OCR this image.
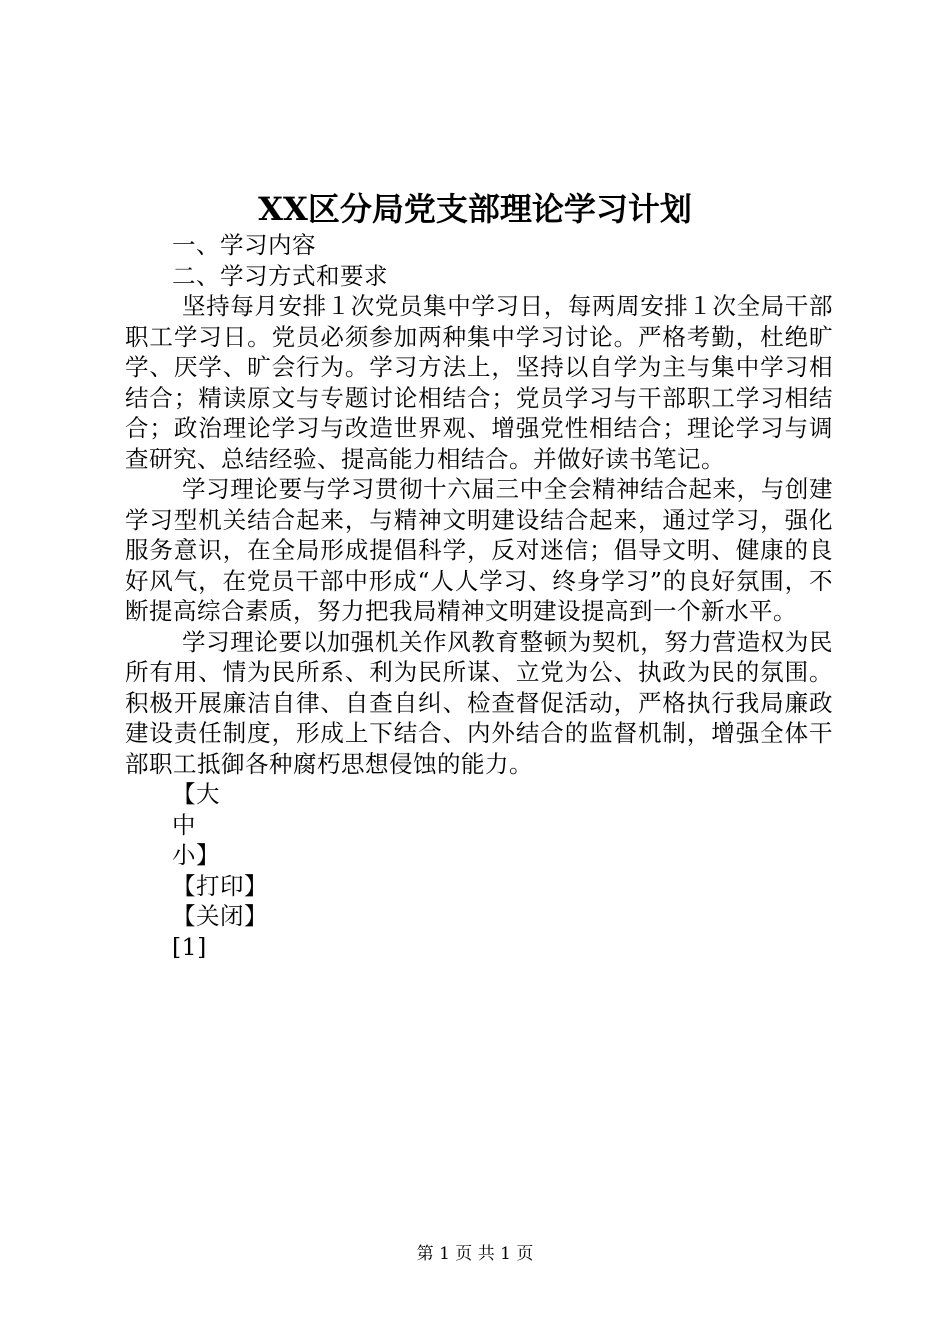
XX区分局党支部理论学习计划

一、学习内容

二、学习方式和要求

坚持每月安排１次党员集中学习日，每两周安排１次全局干部职工学习日。党员必须参加两种集中学习讨论。严格考勤，杜绝旷学、厌学、旷会行为。学习方法上，坚持以自学为主与集中学习相结合；精读原文与专题讨论相结合；党员学习与干部职工学习相结合；政治理论学习与改造世界观、增强党性相结合；理论学习与调查研究、总结经验、提高能力相结合。并做好读书笔记。

学习理论要与学习贯彻十六届三中全会精神结合起来，与创建学习型机关结合起来，与精神文明建设结合起来，通过学习，强化服务意识，在全局形成提倡科学，反对迷信；倡导文明、健康的良好风气，在党员干部中形成“人人学习、终身学习”的良好氛围，不断提高综合素质，努力把我局精神文明建设提高到一个新水平。

学习理论要以加强机关作风教育整顿为契机，努力营造权为民所有用、情为民所系、利为民所谋、立党为公、执政为民的氛围。积极开展廉洁自律、自查自纠、检查督促活动，严格执行我局廉政建设责任制度，形成上下结合、内外结合的监督机制，增强全体干部职工抵御各种腐朽思想侵蚀的能力。

【大

中

小】

【打印】

【关闭】

[1]

第 1 页 共 1 页
